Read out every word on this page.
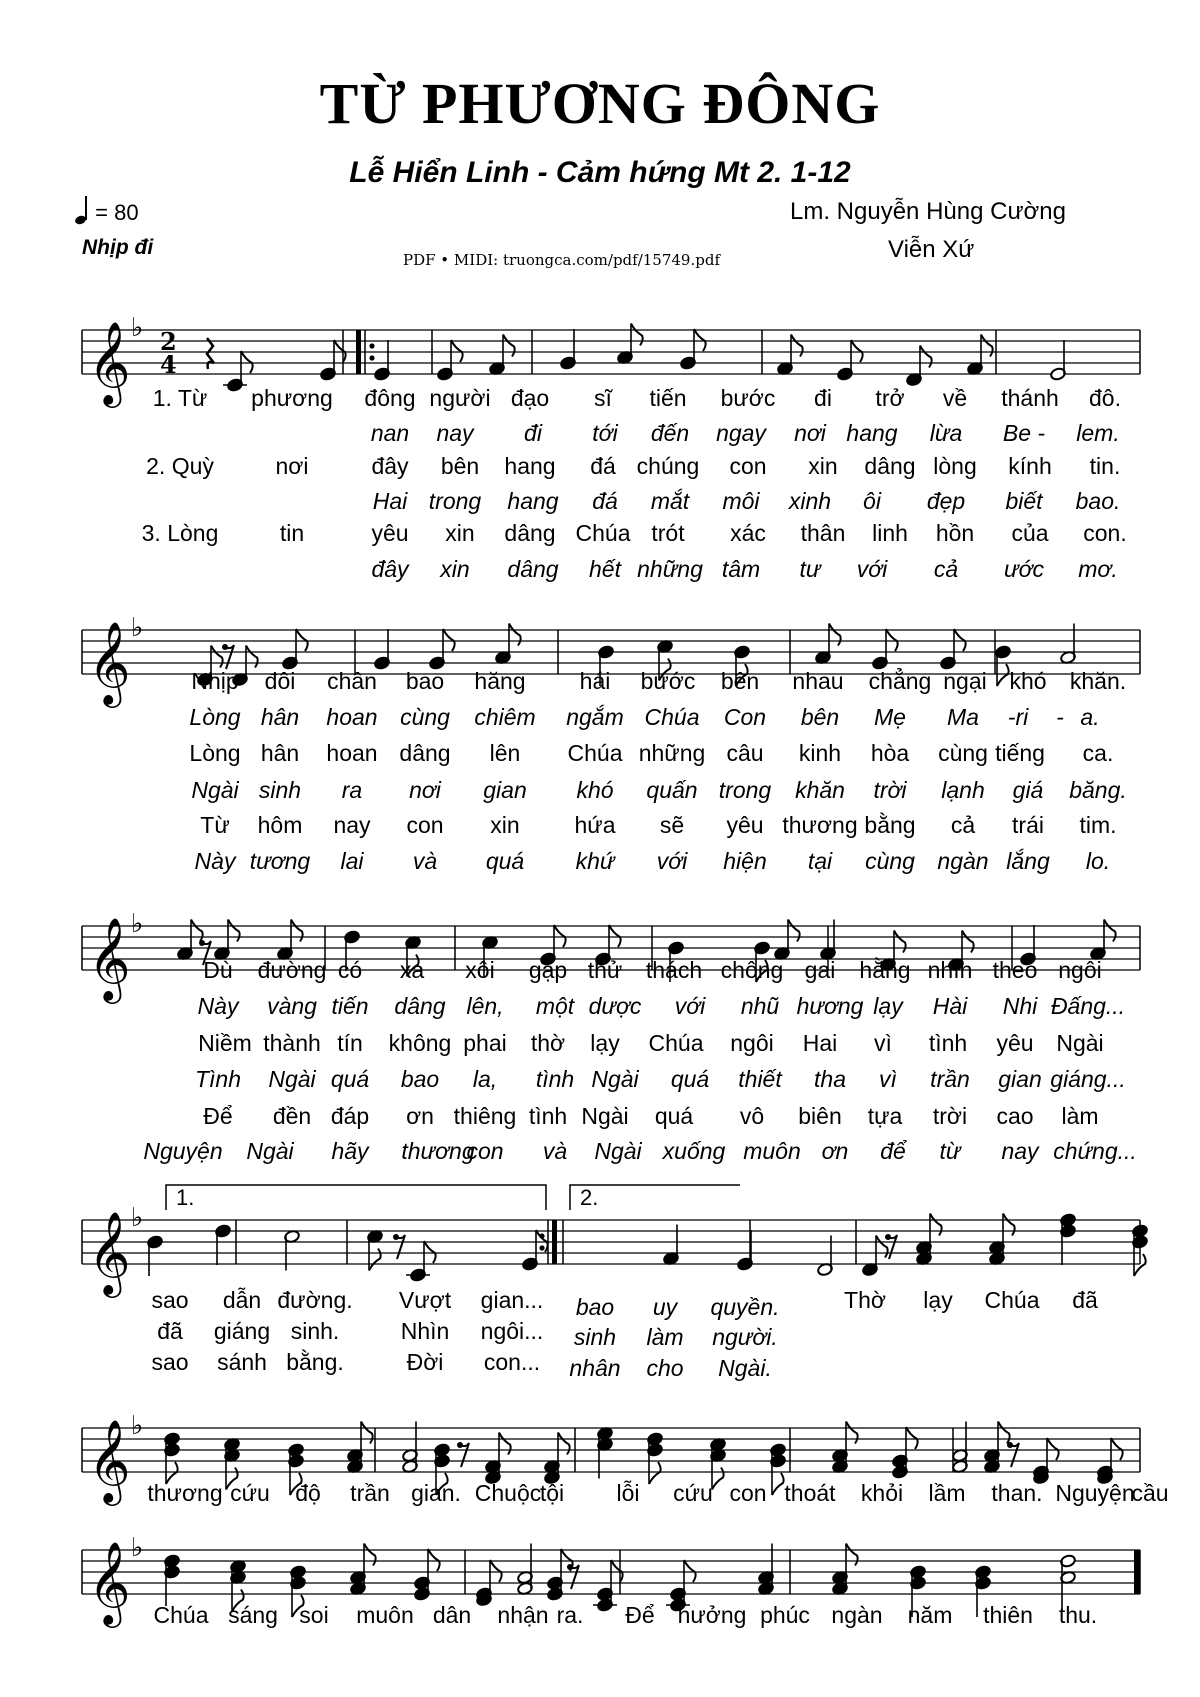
TỪ PHƯƠNG ĐÔNG
Lễ Hiển Linh - Cảm hứng Mt 2. 1-12
= 80
Nhịp đi
Lm. Nguyễn Hùng Cường
Viễn Xứ
PDF • MIDI: truongca.com/pdf/15749.pdf
𝄞 ♭ 2
4
𝄞 ♭
𝄞 ♭
𝄞 ♭
1.	2.
𝄞 ♭
𝄞 ♭
1. Từ phương đông người đạo sĩ tiến bước đi trở về thánh đô.
nan nay đi tới đến ngay nơi hang lừa Be - lem.
2. Quỳ	nơi	đây bên hang đá chúng con xin dâng lòng kính tin.
Hai trong hang đá mắt môi xinh ôi đẹp biết bao.
3. Lòng	tin	yêu xin dâng Chúa trót xác thân linh hồn của con.
đây xin dâng hết những tâm tư với cả ước mơ.
Nhịp đôi chân bao hăng hái bước bên nhau chẳng ngại khó khăn.
Lòng hân hoan cùng chiêm ngắm Chúa Con bên Mẹ Ma -ri - a.
Lòng hân hoan dâng lên Chúa những câu kinh hòa cùng tiếng ca.
Ngài sinh ra nơi gian khó quấn trong khăn trời lạnh giá băng.
Từ hôm nay con xin hứa sẽ yêu thương bằng cả trái tim.
Này tương lai và quá khứ với hiện tại cùng ngàn lắng lo.
Dù đường có xa xôi gặp thử thách chông gai hằng nhìn theo ngôi
Này vàng tiến dâng lên, một dược với nhũ hương lạy Hài Nhi Đấng...
Niềm thành tín không phai thờ lạy Chúa ngôi Hai vì tình yêu Ngài
Tình Ngài quá bao la, tình Ngài quá thiết tha vì trần gian giáng...
Để đền đáp ơn thiêng tình Ngài quá vô biên tựa trời cao làm
Nguyện Ngài hãy thương
con và Ngài xuống muôn ơn để từ nay chứng...
sao dẫn đường. Vượt gian...	Thờ lạy Chúa đã
bao uy quyền.
đã giáng sinh.	Nhìn ngôi... sinh làm người.
sao sánh bằng.	Đời con... nhân cho Ngài.
thương cứu độ trần gian. Chuộc
tội lỗi cứu con thoát khỏi lầm than. Nguyện
cầu
Chúa sáng soi muôn dân nhận ra. Để hưởng phúc ngàn năm thiên thu.
